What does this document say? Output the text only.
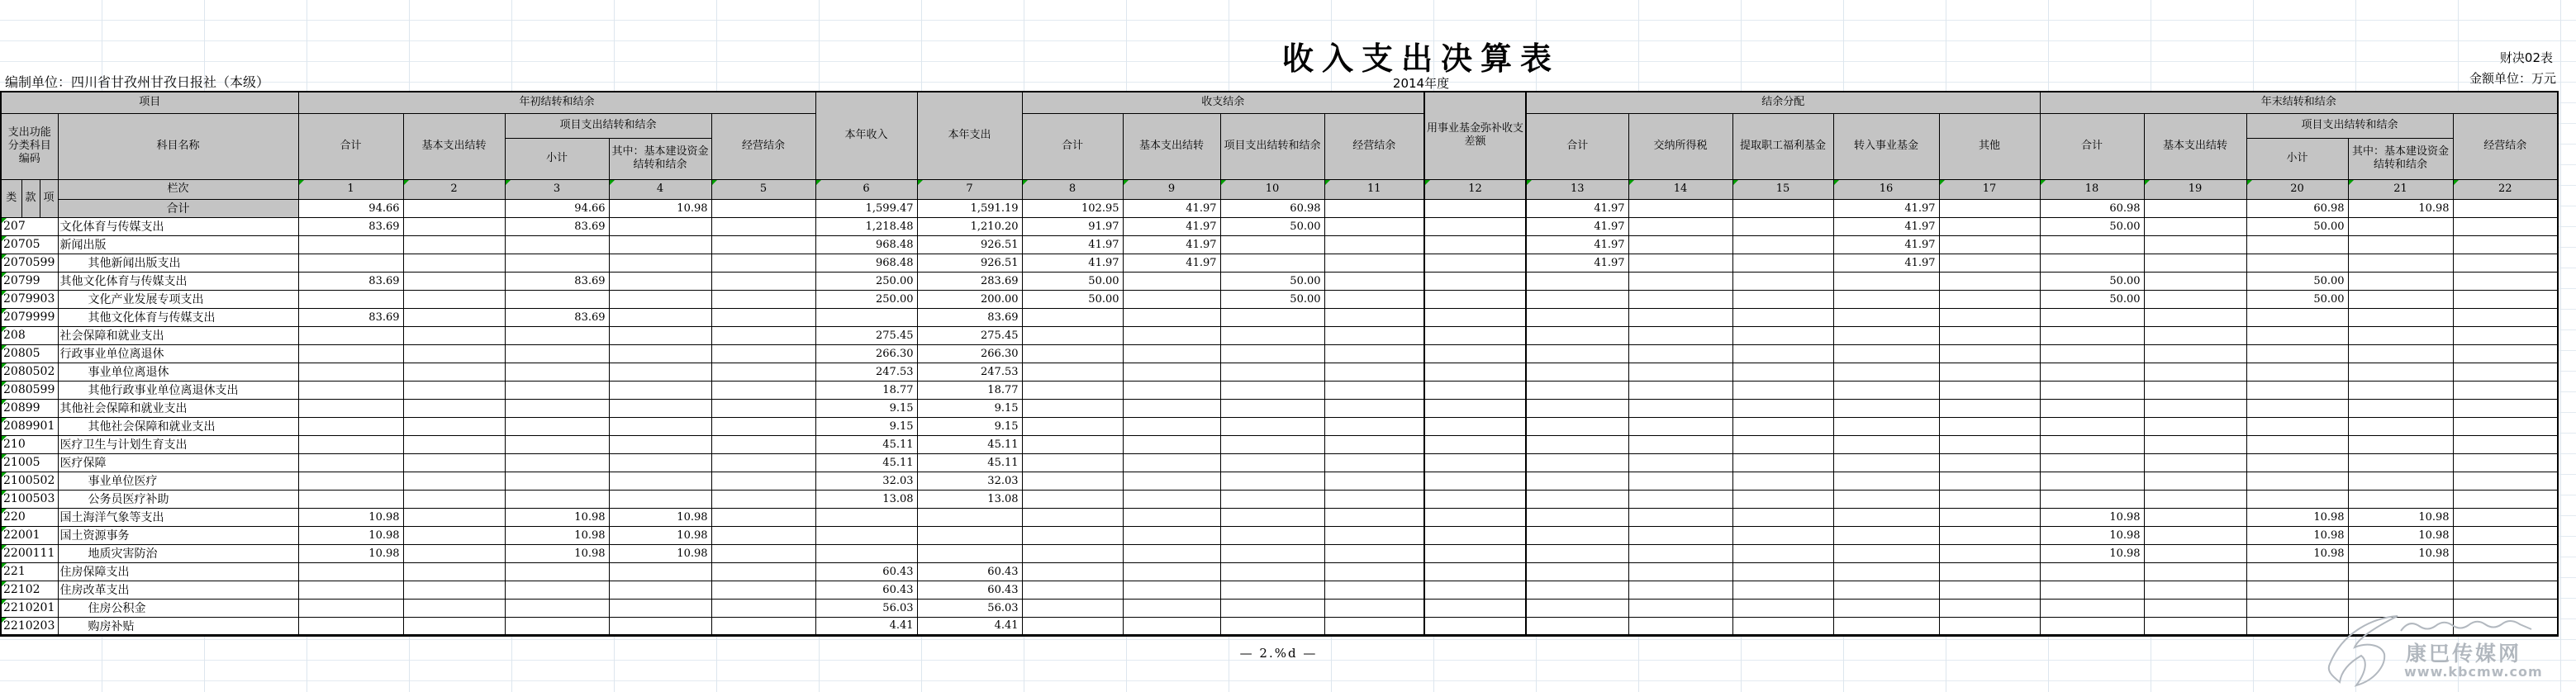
收入支出决算表
2014年度
编制单位：四川省甘孜州甘孜日报社（本级）
财决02表
金额单位：万元
项目				年初结转和结余					本年收入	本年支出	收支结余				用事业基金弥补收支差额	结余分配					年末结转和结余				
支出功能分类科目编码			科目名称	合计	基本支出结转	项目支出结转和结余		经营结余			合计	基本支出结转	项目支出结转和结余	经营结余		合计	交纳所得税	提取职工福利基金	转入事业基金	其他	合计	基本支出结转	项目支出结转和结余		经营结余
						小计	其中：基本建设资金结转和结余																小计	其中：基本建设资金结转和结余	
类	款	项	栏次	1	2	3	4	5	6	7	8	9	10	11	12	13	14	15	16	17	18	19	20	21	22
			合计	94.66		94.66	10.98		1,599.47	1,591.19	102.95	41.97	60.98			41.97			41.97		60.98		60.98	10.98	
207			文化体育与传媒支出	83.69		83.69			1,218.48	1,210.20	91.97	41.97	50.00			41.97			41.97		50.00		50.00		
20705			新闻出版						968.48	926.51	41.97	41.97				41.97			41.97						
2070599			其他新闻出版支出						968.48	926.51	41.97	41.97				41.97			41.97						
20799			其他文化体育与传媒支出	83.69		83.69			250.00	283.69	50.00		50.00								50.00		50.00		
2079903			文化产业发展专项支出						250.00	200.00	50.00		50.00								50.00		50.00		
2079999			其他文化体育与传媒支出	83.69		83.69				83.69															
208			社会保障和就业支出						275.45	275.45															
20805			行政事业单位离退休						266.30	266.30															
2080502			事业单位离退休						247.53	247.53															
2080599			其他行政事业单位离退休支出						18.77	18.77															
20899			其他社会保障和就业支出						9.15	9.15															
2089901			其他社会保障和就业支出						9.15	9.15															
210			医疗卫生与计划生育支出						45.11	45.11															
21005			医疗保障						45.11	45.11															
2100502			事业单位医疗						32.03	32.03															
2100503			公务员医疗补助						13.08	13.08															
220			国土海洋气象等支出	10.98		10.98	10.98														10.98		10.98	10.98	
22001			国土资源事务	10.98		10.98	10.98														10.98		10.98	10.98	
2200111			地质灾害防治	10.98		10.98	10.98														10.98		10.98	10.98	
221			住房保障支出						60.43	60.43															
22102			住房改革支出						60.43	60.43															
2210201			住房公积金						56.03	56.03															
2210203			购房补贴						4.41	4.41															
— 2.%d —	康巴传媒网
www.kbcmw.com
